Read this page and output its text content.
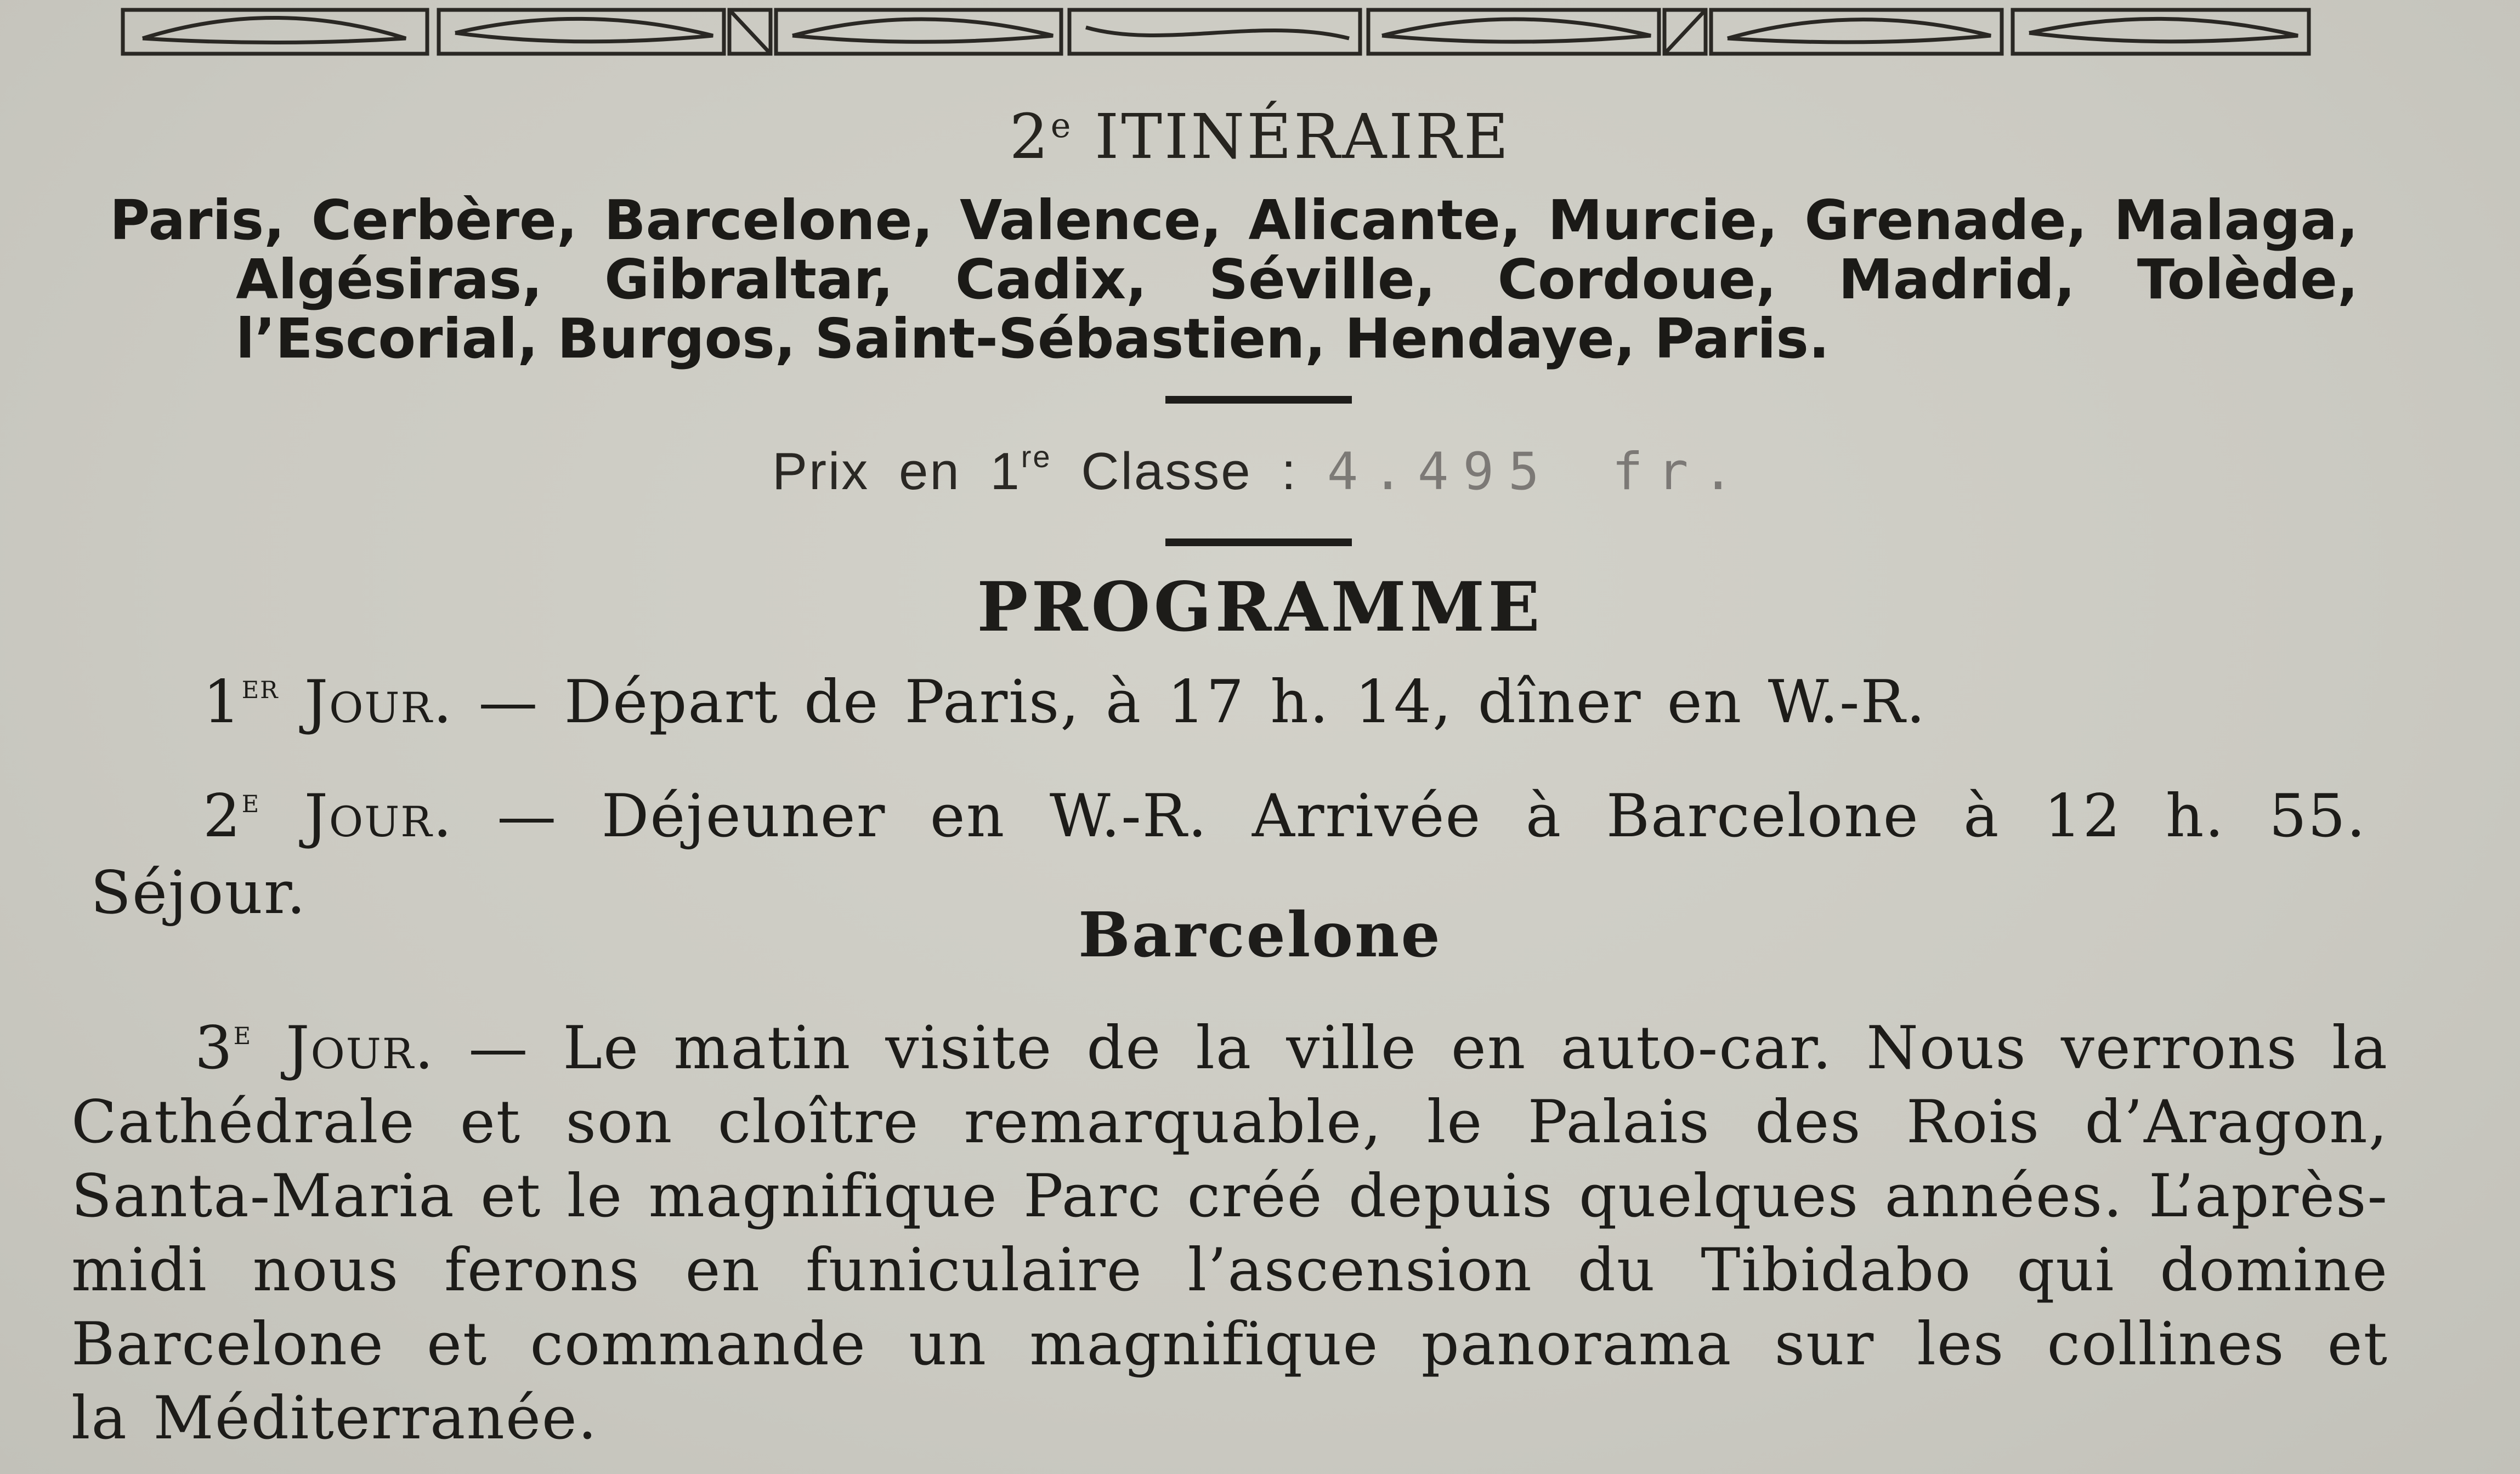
2e ITINÉRAIRE
Paris, Cerbère, Barcelone, Valence, Alicante, Murcie, Grenade, Malaga,
Algésiras, Gibraltar, Cadix, Séville, Cordoue, Madrid, Tolède,
l’Escorial, Burgos, Saint-Sébastien, Hendaye, Paris.
Prix en 1re Classe : 4.495 fr.
PROGRAMME
1er Jour. — Départ de Paris, à 17 h. 14, dîner en W.-R.
2e Jour. — Déjeuner en W.-R. Arrivée à Barcelone à 12 h. 55.
Séjour.
Barcelone
3e Jour. — Le matin visite de la ville en auto-car. Nous verrons la
Cathédrale et son cloître remarquable, le Palais des Rois d’Aragon,
Santa-Maria et le magnifique Parc créé depuis quelques années. L’après-
midi nous ferons en funiculaire l’ascension du Tibidabo qui domine
Barcelone et commande un magnifique panorama sur les collines et
la Méditerranée.
